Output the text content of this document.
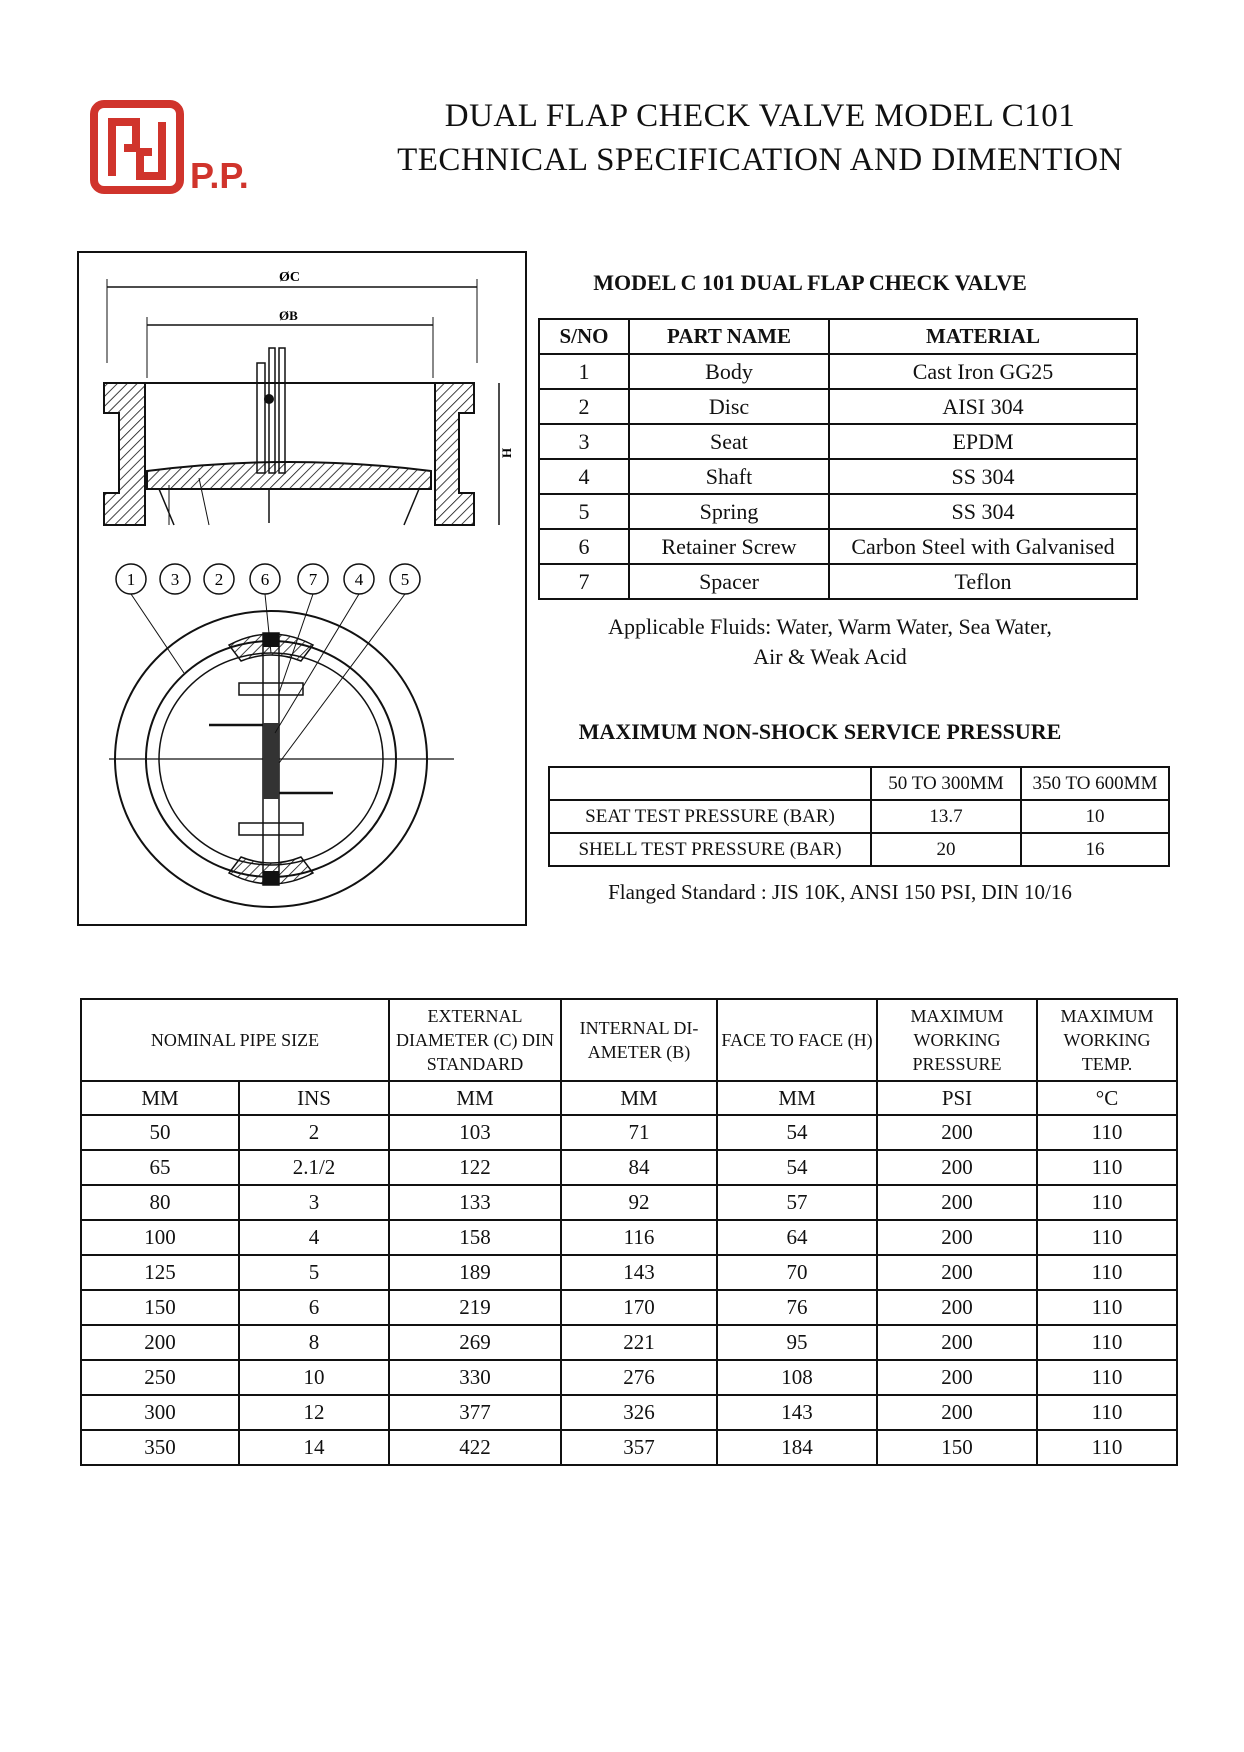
P.P.
DUAL FLAP CHECK VALVE MODEL C101
TECHNICAL SPECIFICATION AND DIMENTION
ØC
ØB
H
1 3 2 6 7 4 5
MODEL C 101 DUAL FLAP CHECK VALVE
S/NO	PART NAME	MATERIAL
1	Body	Cast Iron GG25
2	Disc	AISI 304
3	Seat	EPDM
4	Shaft	SS 304
5	Spring	SS 304
6	Retainer Screw	Carbon Steel with Galvanised
7	Spacer	Teflon
Applicable Fluids: Water, Warm Water, Sea Water,
Air & Weak Acid
MAXIMUM NON-SHOCK SERVICE PRESSURE
	50 TO 300MM	350 TO 600MM
SEAT TEST PRESSURE (BAR)	13.7	10
SHELL TEST PRESSURE (BAR)	20	16
Flanged Standard : JIS 10K, ANSI 150 PSI, DIN 10/16
NOMINAL PIPE SIZE		EXTERNAL DIAMETER (C) DIN STANDARD	INTERNAL DI- AMETER (B)	FACE TO FACE (H)	MAXIMUM WORKING PRESSURE	MAXIMUM WORKING TEMP.
MM	INS	MM	MM	MM	PSI	°C
50	2	103	71	54	200	110
65	2.1/2	122	84	54	200	110
80	3	133	92	57	200	110
100	4	158	116	64	200	110
125	5	189	143	70	200	110
150	6	219	170	76	200	110
200	8	269	221	95	200	110
250	10	330	276	108	200	110
300	12	377	326	143	200	110
350	14	422	357	184	150	110
